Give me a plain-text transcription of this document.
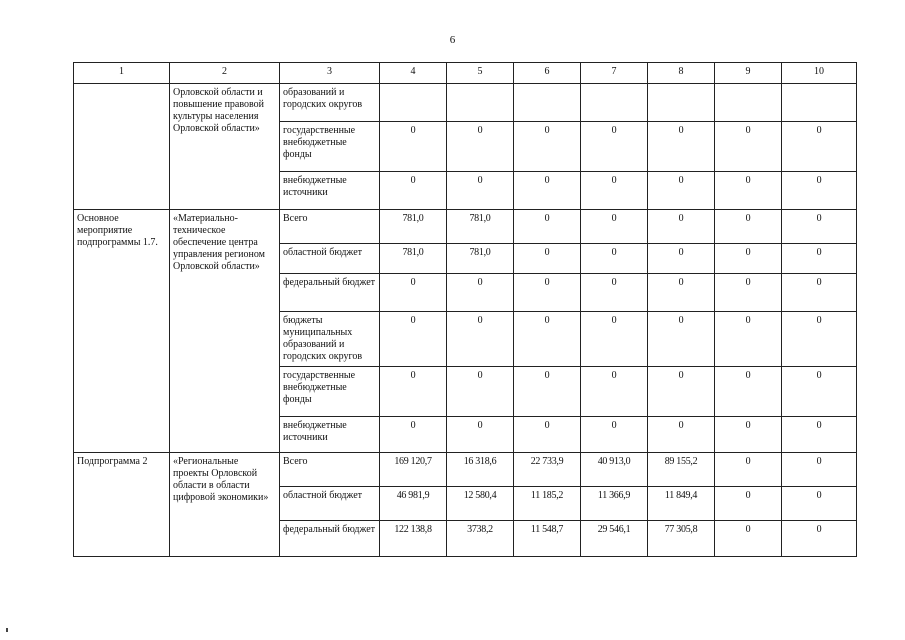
6
1	2	3	4	5	6	7	8	9	10
	Орловской области и повышение правовой культуры населения Орловской области»	образований и городских округов							
		государственные внебюджетные фонды	0	0	0	0	0	0	0
		внебюджетные источники	0	0	0	0	0	0	0
Основное мероприятие подпрограммы 1.7.	«Материально-техническое обеспечение центра управления регионом Орловской области»	Всего	781,0	781,0	0	0	0	0	0
		областной бюджет	781,0	781,0	0	0	0	0	0
		федеральный бюджет	0	0	0	0	0	0	0
		бюджеты муниципальных образований и городских округов	0	0	0	0	0	0	0
		государственные внебюджетные фонды	0	0	0	0	0	0	0
		внебюджетные источники	0	0	0	0	0	0	0
Подпрограмма 2	«Региональные проекты Орловской области в области цифровой экономики»	Всего	169 120,7	16 318,6	22 733,9	40 913,0	89 155,2	0	0
		областной бюджет	46 981,9	12 580,4	11 185,2	11 366,9	11 849,4	0	0
		федеральный бюджет	122 138,8	3738,2	11 548,7	29 546,1	77 305,8	0	0
